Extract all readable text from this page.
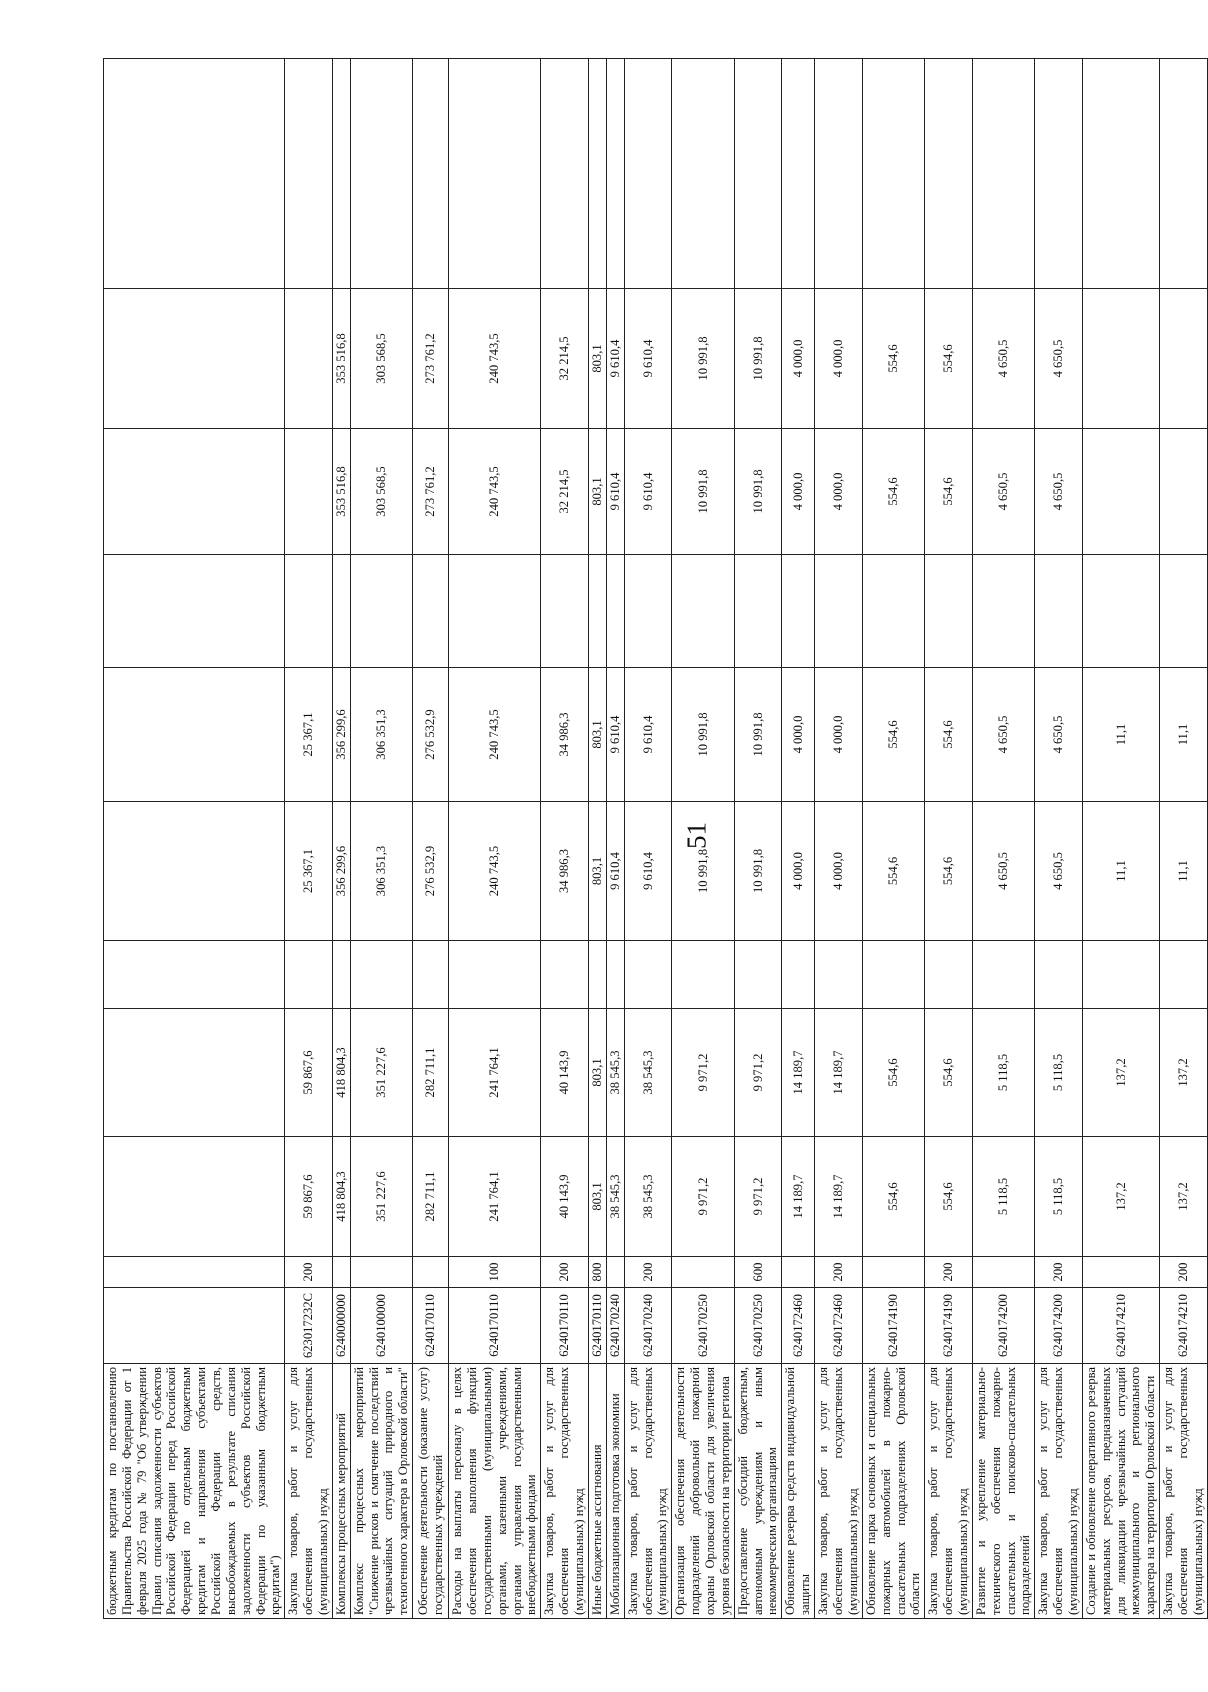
51
бюджетным кредитам по постановлению Правительства Российской Федерации от 1 февраля 2025 года № 79 "Об утверждении Правил списания задолженности субъектов Российской Федерации перед Российской Федерацией по отдельным бюджетным кредитам и направления субъектами Российской Федерации средств, высвобождаемых в результате списания задолженности субъектов Российской Федерации по указанным бюджетным кредитам")											
Закупка товаров, работ и услуг для обеспечения государственных (муниципальных) нужд	623017232C	200	59 867,6	59 867,6		25 367,1	25 367,1				
Комплексы процессных мероприятий	6240000000		418 804,3	418 804,3		356 299,6	356 299,6		353 516,8	353 516,8	
Комплекс процессных мероприятий "Снижение рисков и смягчение последствий чрезвычайных ситуаций природного и техногенного характера в Орловской области"	6240100000		351 227,6	351 227,6		306 351,3	306 351,3		303 568,5	303 568,5	
Обеспечение деятельности (оказание услуг) государственных учреждений	6240170110		282 711,1	282 711,1		276 532,9	276 532,9		273 761,2	273 761,2	
Расходы на выплаты персоналу в целях обеспечения выполнения функций государственными (муниципальными) органами, казенными учреждениями, органами управления государственными внебюджетными фондами	6240170110	100	241 764,1	241 764,1		240 743,5	240 743,5		240 743,5	240 743,5	
Закупка товаров, работ и услуг для обеспечения государственных (муниципальных) нужд	6240170110	200	40 143,9	40 143,9		34 986,3	34 986,3		32 214,5	32 214,5	
Иные бюджетные ассигнования	6240170110	800	803,1	803,1		803,1	803,1		803,1	803,1	
Мобилизационная подготовка экономики	6240170240		38 545,3	38 545,3		9 610,4	9 610,4		9 610,4	9 610,4	
Закупка товаров, работ и услуг для обеспечения государственных (муниципальных) нужд	6240170240	200	38 545,3	38 545,3		9 610,4	9 610,4		9 610,4	9 610,4	
Организация обеспечения деятельности подразделений добровольной пожарной охраны Орловской области для увеличения уровня безопасности на территории региона	6240170250		9 971,2	9 971,2		10 991,8	10 991,8		10 991,8	10 991,8	
Предоставление субсидий бюджетным, автономным учреждениям и иным некоммерческим организациям	6240170250	600	9 971,2	9 971,2		10 991,8	10 991,8		10 991,8	10 991,8	
Обновление резерва средств индивидуальной защиты	6240172460		14 189,7	14 189,7		4 000,0	4 000,0		4 000,0	4 000,0	
Закупка товаров, работ и услуг для обеспечения государственных (муниципальных) нужд	6240172460	200	14 189,7	14 189,7		4 000,0	4 000,0		4 000,0	4 000,0	
Обновление парка основных и специальных пожарных автомобилей в пожарно-спасательных подразделениях Орловской области	6240174190		554,6	554,6		554,6	554,6		554,6	554,6	
Закупка товаров, работ и услуг для обеспечения государственных (муниципальных) нужд	6240174190	200	554,6	554,6		554,6	554,6		554,6	554,6	
Развитие и укрепление материально-технического обеспечения пожарно-спасательных и поисково-спасательных подразделений	6240174200		5 118,5	5 118,5		4 650,5	4 650,5		4 650,5	4 650,5	
Закупка товаров, работ и услуг для обеспечения государственных (муниципальных) нужд	6240174200	200	5 118,5	5 118,5		4 650,5	4 650,5		4 650,5	4 650,5	
Создание и обновление оперативного резерва материальных ресурсов, предназначенных для ликвидации чрезвычайных ситуаций межмуниципального и регионального характера на территории Орловской области	6240174210		137,2	137,2		11,1	11,1				
Закупка товаров, работ и услуг для обеспечения государственных (муниципальных) нужд	6240174210	200	137,2	137,2		11,1	11,1				
